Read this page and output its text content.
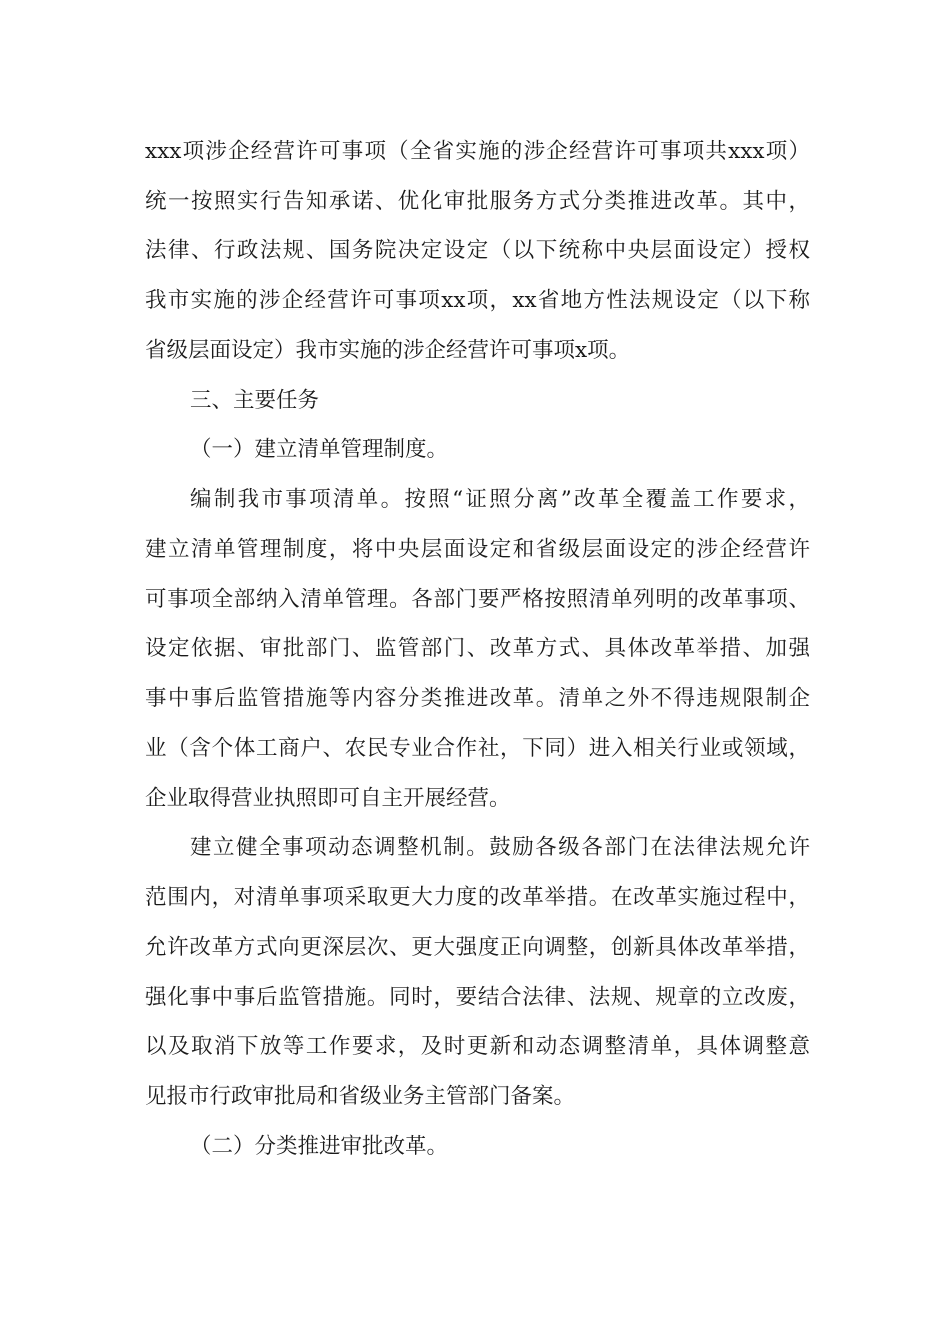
xxx项涉企经营许可事项（全省实施的涉企经营许可事项共xxx项）
统一按照实行告知承诺、优化审批服务方式分类推进改革。其中，
法律、行政法规、国务院决定设定（以下统称中央层面设定）授权
我市实施的涉企经营许可事项xx项，xx省地方性法规设定（以下称
省级层面设定）我市实施的涉企经营许可事项x项。
三、主要任务
（一）建立清单管理制度。
编制我市事项清单。按照“证照分离”改革全覆盖工作要求，
建立清单管理制度，将中央层面设定和省级层面设定的涉企经营许
可事项全部纳入清单管理。各部门要严格按照清单列明的改革事项、
设定依据、审批部门、监管部门、改革方式、具体改革举措、加强
事中事后监管措施等内容分类推进改革。清单之外不得违规限制企
业（含个体工商户、农民专业合作社，下同）进入相关行业或领域，
企业取得营业执照即可自主开展经营。
建立健全事项动态调整机制。鼓励各级各部门在法律法规允许
范围内，对清单事项采取更大力度的改革举措。在改革实施过程中，
允许改革方式向更深层次、更大强度正向调整，创新具体改革举措，
强化事中事后监管措施。同时，要结合法律、法规、规章的立改废，
以及取消下放等工作要求，及时更新和动态调整清单，具体调整意
见报市行政审批局和省级业务主管部门备案。
（二）分类推进审批改革。
